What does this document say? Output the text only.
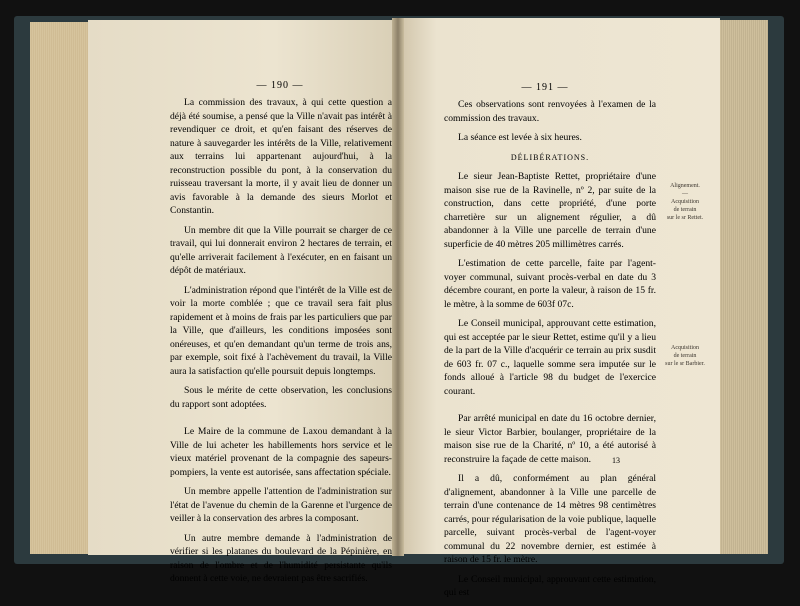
— 190 —

La commission des travaux, à qui cette question a déjà été soumise, a pensé que la Ville n'avait pas intérêt à revendiquer ce droit, et qu'en faisant des réserves de nature à sauvegarder les intérêts de la Ville, relativement aux terrains lui appartenant aujourd'hui, à la reconstruction possible du pont, à la conservation du ruisseau traversant la morte, il y avait lieu de donner un avis favorable à la demande des sieurs Morlot et Constantin.

Un membre dit que la Ville pourrait se charger de ce travail, qui lui donnerait environ 2 hectares de terrain, et qu'elle arriverait facilement à l'exécuter, en en faisant un dépôt de matériaux.

L'administration répond que l'intérêt de la Ville est de voir la morte comblée ; que ce travail sera fait plus rapidement et à moins de frais par les particuliers que par la Ville, que d'ailleurs, les conditions imposées sont onéreuses, et qu'en demandant qu'un terme de trois ans, par exemple, soit fixé à l'achèvement du travail, la Ville aura la satisfaction qu'elle poursuit depuis longtemps.

Sous le mérite de cette observation, les conclusions du rapport sont adoptées.

Le Maire de la commune de Laxou demandant à la Ville de lui acheter les habillements hors service et le vieux matériel provenant de la compagnie des sapeurs-pompiers, la vente est autorisée, sans affectation spéciale.

Un membre appelle l'attention de l'administration sur l'état de l'avenue du chemin de la Garenne et l'urgence de veiller à la conservation des arbres la composant.

Un autre membre demande à l'administration de vérifier si les platanes du boulevard de la Pépinière, en raison de l'ombre et de l'humidité persistante qu'ils donnent à cette voie, ne devraient pas être sacrifiés.

— 191 —

Ces observations sont renvoyées à l'examen de la commission des travaux.

La séance est levée à six heures.

DÉLIBÉRATIONS.

Le sieur Jean-Baptiste Rettet, propriétaire d'une maison sise rue de la Ravinelle, nº 2, par suite de la construction, dans cette propriété, d'une porte charretière sur un alignement régulier, a dû abandonner à la Ville une parcelle de terrain d'une superficie de 40 mètres 205 millimètres carrés.

L'estimation de cette parcelle, faite par l'agent-voyer communal, suivant procès-verbal en date du 3 décembre courant, en porte la valeur, à raison de 15 fr. le mètre, à la somme de 603f 07c.

Le Conseil municipal, approuvant cette estimation, qui est acceptée par le sieur Rettet, estime qu'il y a lieu de la part de la Ville d'acquérir ce terrain au prix susdit de 603 fr. 07 c., laquelle somme sera imputée sur le fonds alloué à l'article 98 du budget de l'exercice courant.

Par arrêté municipal en date du 16 octobre dernier, le sieur Victor Barbier, boulanger, propriétaire de la maison sise rue de la Charité, nº 10, a été autorisé à reconstruire la façade de cette maison.

Il a dû, conformément au plan général d'alignement, abandonner à la Ville une parcelle de terrain d'une contenance de 14 mètres 98 centimètres carrés, pour régularisation de la voie publique, laquelle parcelle, suivant procès-verbal de l'agent-voyer communal du 22 novembre dernier, est estimée à raison de 15 fr. le mètre.

Le Conseil municipal, approuvant cette estimation, qui est

Alignement.
—
Acquisition
de terrain
sur le sr Rettet.
Acquisition
de terrain
sur le sr Barbier.
13
